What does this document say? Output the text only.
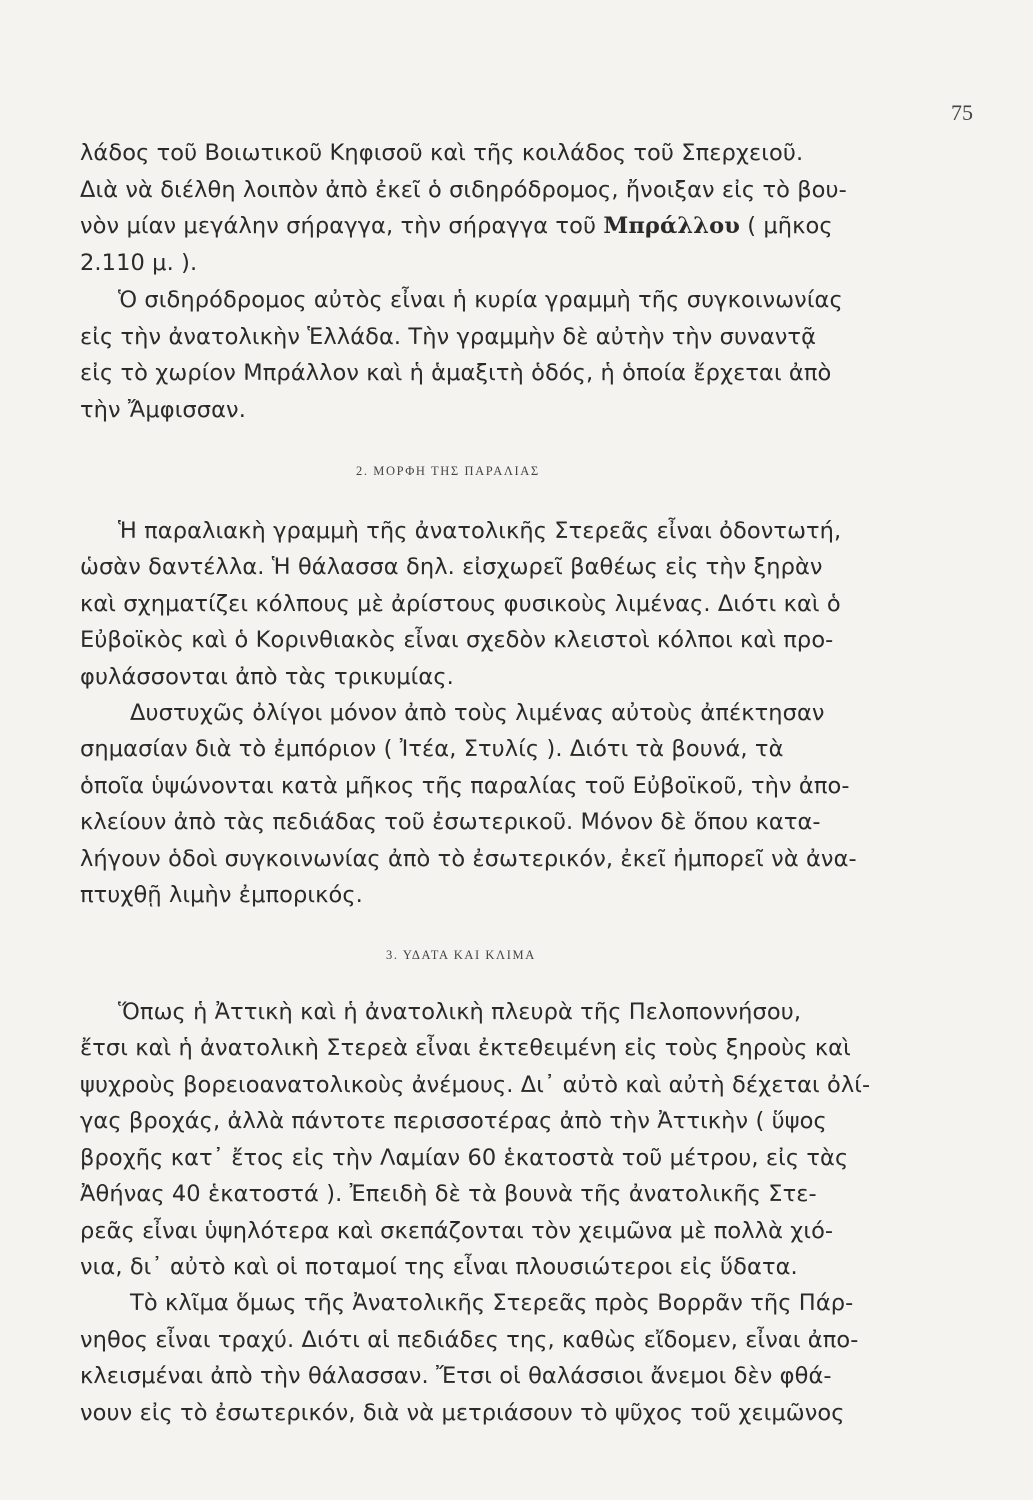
75
λάδος τοῦ Βοιωτικοῦ Κηφισοῦ καὶ τῆς κοιλάδος τοῦ Σπερχειοῦ.
Διὰ νὰ διέλθη λοιπὸν ἀπὸ ἐκεῖ ὁ σιδηρόδρομος, ἤνοιξαν εἰς τὸ βου-
νὸν μίαν μεγάλην σήραγγα, τὴν σήραγγα τοῦ Μπράλλου ( μῆκος
2.110 μ. ).
Ὁ σιδηρόδρομος αὐτὸς εἶναι ἡ κυρία γραμμὴ τῆς συγκοινωνίας
εἰς τὴν ἀνατολικὴν Ἑλλάδα. Τὴν γραμμὴν δὲ αὐτὴν τὴν συναντᾷ
εἰς τὸ χωρίον Μπράλλον καὶ ἡ ἁμαξιτὴ ὁδός, ἡ ὁποία ἔρχεται ἀπὸ
τὴν Ἄμφισσαν.
2. ΜΟΡΦΗ ΤΗΣ ΠΑΡΑΛΙΑΣ
Ἡ παραλιακὴ γραμμὴ τῆς ἀνατολικῆς Στερεᾶς εἶναι ὀδοντωτή,
ὡσὰν δαντέλλα. Ἡ θάλασσα δηλ. εἰσχωρεῖ βαθέως εἰς τὴν ξηρὰν
καὶ σχηματίζει κόλπους μὲ ἀρίστους φυσικοὺς λιμένας. Διότι καὶ ὁ
Εὐβοϊκὸς καὶ ὁ Κορινθιακὸς εἶναι σχεδὸν κλειστοὶ κόλποι καὶ προ-
φυλάσσονται ἀπὸ τὰς τρικυμίας.
Δυστυχῶς ὀλίγοι μόνον ἀπὸ τοὺς λιμένας αὐτοὺς ἀπέκτησαν
σημασίαν διὰ τὸ ἐμπόριον ( Ἰτέα, Στυλίς ). Διότι τὰ βουνά, τὰ
ὁποῖα ὑψώνονται κατὰ μῆκος τῆς παραλίας τοῦ Εὐβοϊκοῦ, τὴν ἀπο-
κλείουν ἀπὸ τὰς πεδιάδας τοῦ ἐσωτερικοῦ. Μόνον δὲ ὅπου κατα-
λήγουν ὁδοὶ συγκοινωνίας ἀπὸ τὸ ἐσωτερικόν, ἐκεῖ ἠμπορεῖ νὰ ἀνα-
πτυχθῇ λιμὴν ἐμπορικός.
3. ΥΔΑΤΑ ΚΑΙ ΚΛΙΜΑ
Ὅπως ἡ Ἀττικὴ καὶ ἡ ἀνατολικὴ πλευρὰ τῆς Πελοποννήσου,
ἔτσι καὶ ἡ ἀνατολικὴ Στερεὰ εἶναι ἐκτεθειμένη εἰς τοὺς ξηροὺς καὶ
ψυχροὺς βορειοανατολικοὺς ἀνέμους. Δι᾽ αὐτὸ καὶ αὐτὴ δέχεται ὀλί-
γας βροχάς, ἀλλὰ πάντοτε περισσοτέρας ἀπὸ τὴν Ἀττικὴν ( ὕψος
βροχῆς κατ᾽ ἔτος εἰς τὴν Λαμίαν 60 ἑκατοστὰ τοῦ μέτρου, εἰς τὰς
Ἀθήνας 40 ἑκατοστά ). Ἐπειδὴ δὲ τὰ βουνὰ τῆς ἀνατολικῆς Στε-
ρεᾶς εἶναι ὑψηλότερα καὶ σκεπάζονται τὸν χειμῶνα μὲ πολλὰ χιό-
νια, δι᾽ αὐτὸ καὶ οἱ ποταμοί της εἶναι πλουσιώτεροι εἰς ὕδατα.
Τὸ κλῖμα ὅμως τῆς Ἀνατολικῆς Στερεᾶς πρὸς Βορρᾶν τῆς Πάρ-
νηθος εἶναι τραχύ. Διότι αἱ πεδιάδες της, καθὼς εἴδομεν, εἶναι ἀπο-
κλεισμέναι ἀπὸ τὴν θάλασσαν. Ἔτσι οἱ θαλάσσιοι ἄνεμοι δὲν φθά-
νουν εἰς τὸ ἐσωτερικόν, διὰ νὰ μετριάσουν τὸ ψῦχος τοῦ χειμῶνος
